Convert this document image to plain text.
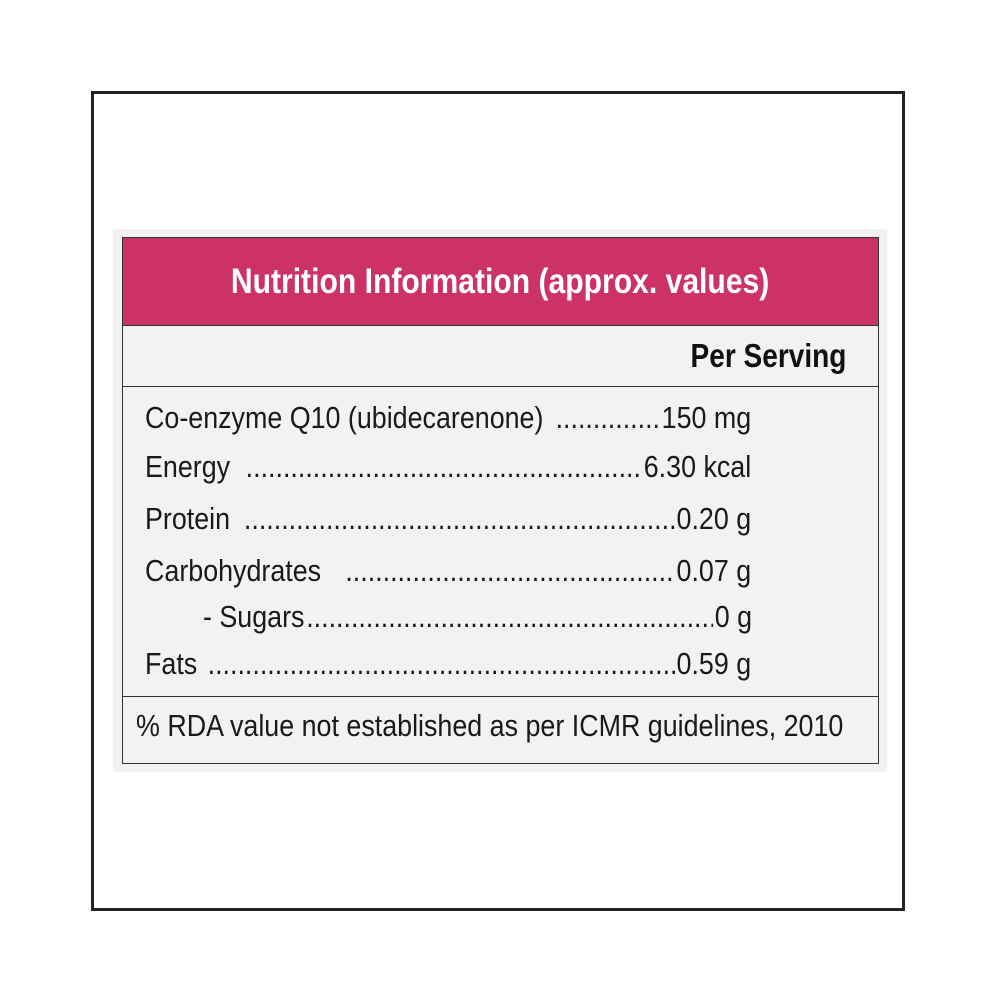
Nutrition Information (approx. values)
Per Serving
Co-enzyme Q10 (ubidecarenone) .....	150 mg
Energy .....	6.30 kcal
Protein .....	0.20 g
Carbohydrates .....	0.07 g
- Sugars .....	0 g
Fats .....	0.59 g
% RDA value not established as per ICMR guidelines, 2010
